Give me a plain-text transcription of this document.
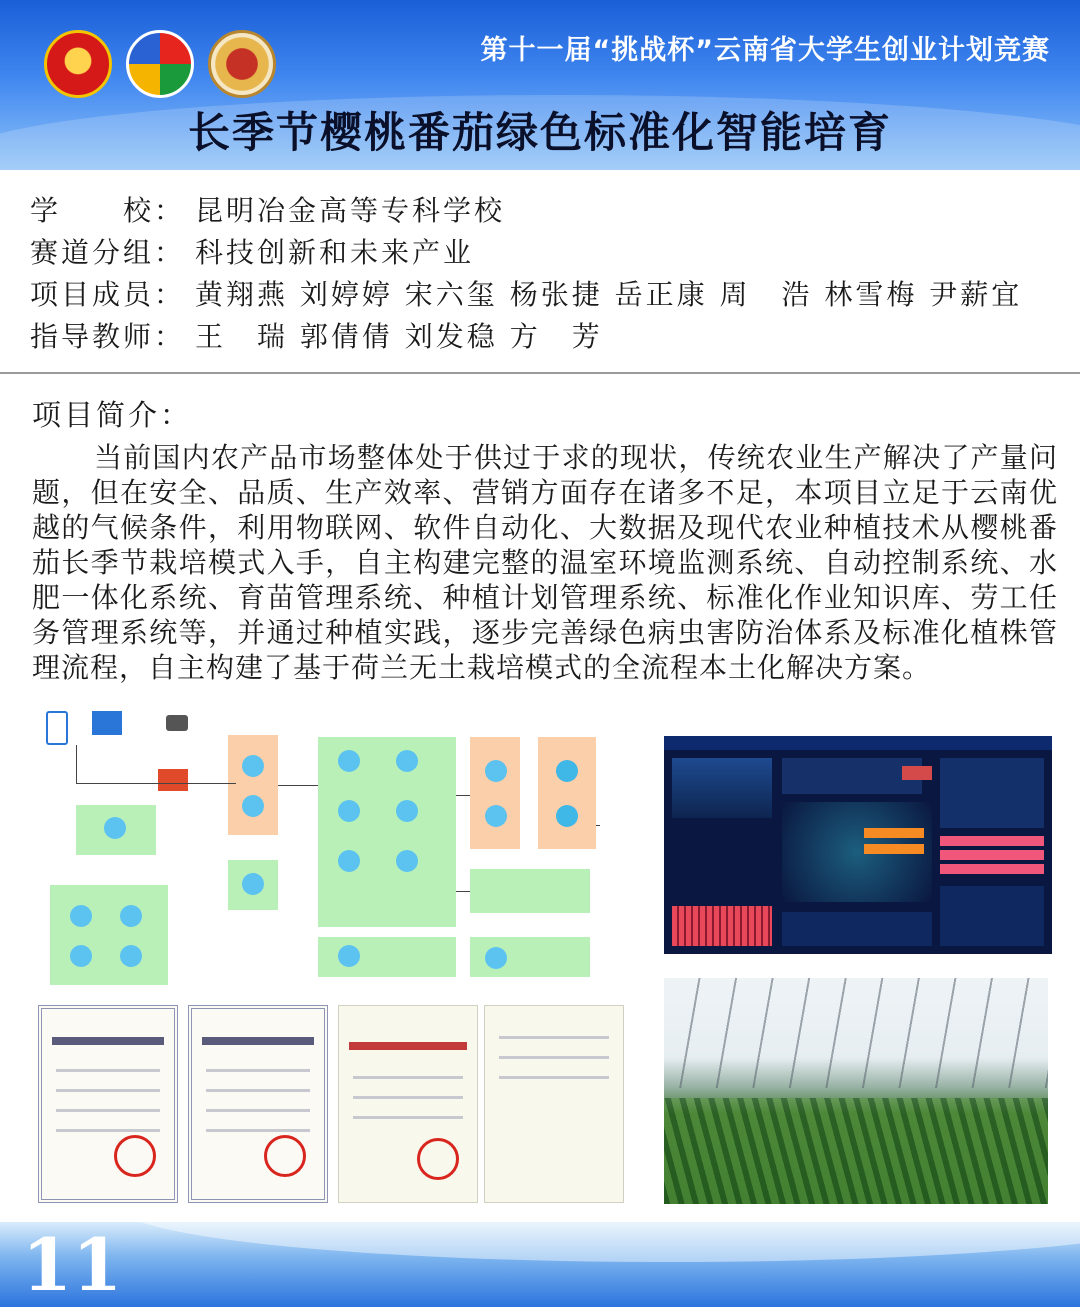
第十一届“挑战杯”云南省大学生创业计划竞赛
长季节樱桃番茄绿色标准化智能培育
学　　校： 昆明冶金高等专科学校
赛道分组： 科技创新和未来产业
项目成员： 黄翔燕 刘婷婷 宋六玺 杨张捷 岳正康 周　浩 林雪梅 尹薪宜
指导教师： 王　瑞 郭倩倩 刘发稳 方　芳
项目简介：

当前国内农产品市场整体处于供过于求的现状，传统农业生产解决了产量问题，但在安全、品质、生产效率、营销方面存在诸多不足，本项目立足于云南优越的气候条件，利用物联网、软件自动化、大数据及现代农业种植技术从樱桃番茄长季节栽培模式入手，自主构建完整的温室环境监测系统、自动控制系统、水肥一体化系统、育苗管理系统、种植计划管理系统、标准化作业知识库、劳工任务管理系统等，并通过种植实践，逐步完善绿色病虫害防治体系及标准化植株管理流程，自主构建了基于荷兰无土栽培模式的全流程本土化解决方案。

11
